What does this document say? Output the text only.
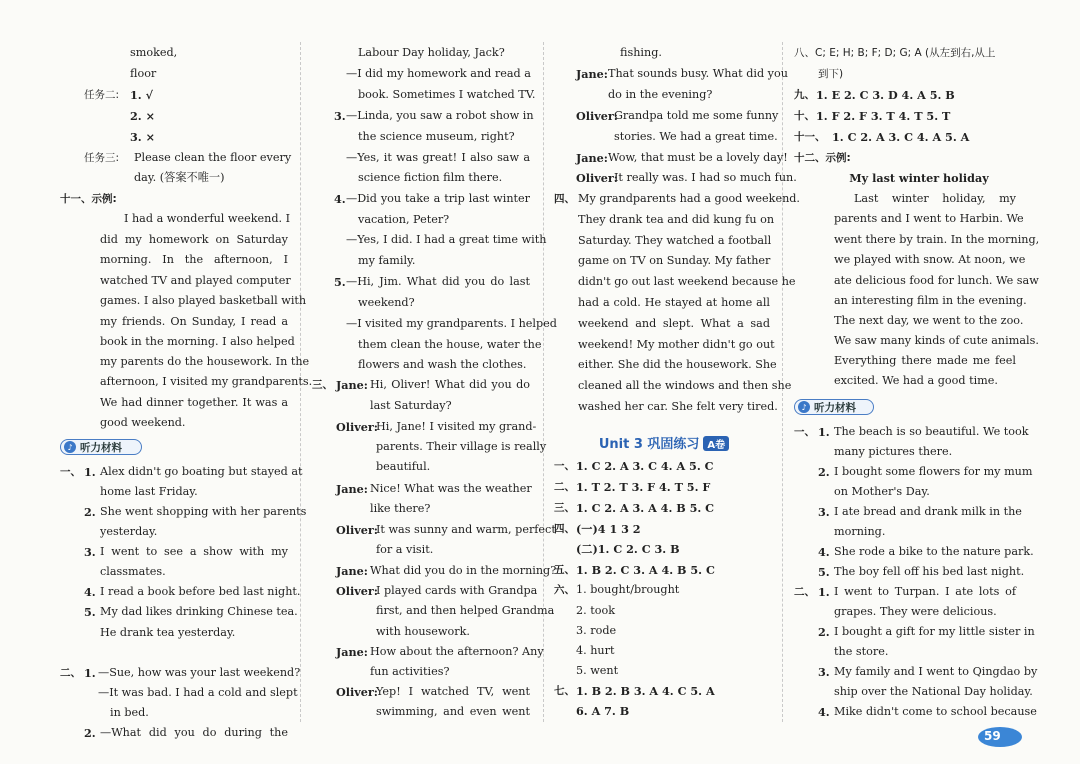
smoked,
floor
任务二: 1. √
2. ×
3. ×
任务三:	Please clean the floor every
day. (答案不唯一)
十一、示例:
I had a wonderful weekend. I
did my homework on Saturday
morning. In the afternoon, I
watched TV and played computer
games. I also played basketball with
my friends. On Sunday, I read a
book in the morning. I also helped
my parents do the housework. In the
afternoon, I visited my grandparents.
We had dinner together. It was a
good weekend.
♪ 听力材料
一、 1. Alex didn't go boating but stayed at
home last Friday.
2. She went shopping with her parents
yesterday.
3. I went to see a show with my
classmates.
4. I read a book before bed last night.
5. My dad likes drinking Chinese tea.
He drank tea yesterday.
二、 1. —Sue, how was your last weekend?
—It was bad. I had a cold and slept
in bed.
2. —What did you do during the
Labour Day holiday, Jack?
—I did my homework and read a
book. Sometimes I watched TV.
3. —Linda, you saw a robot show in
the science museum, right?
—Yes, it was great! I also saw a
science fiction film there.
4. —Did you take a trip last winter
vacation, Peter?
—Yes, I did. I had a great time with
my family.
5. —Hi, Jim. What did you do last
weekend?
—I visited my grandparents. I helped
them clean the house, water the
flowers and wash the clothes.
三、 Jane: Hi, Oliver! What did you do
last Saturday?
Oliver:
Hi, Jane! I visited my grand-
parents. Their village is really
beautiful.
Jane: Nice! What was the weather
like there?
Oliver:
It was sunny and warm, perfect
for a visit.
Jane: What did you do in the morning?
Oliver:
I played cards with Grandpa
first, and then helped Grandma
with housework.
Jane: How about the afternoon? Any
fun activities?
Oliver:
Yep! I watched TV, went
swimming, and even went
fishing.
Jane: That sounds busy. What did you
do in the evening?
Oliver:
Grandpa told me some funny
stories. We had a great time.
Jane: Wow, that must be a lovely day!
Oliver:
It really was. I had so much fun.
四、 My grandparents had a good weekend.
They drank tea and did kung fu on
Saturday. They watched a football
game on TV on Sunday. My father
didn't go out last weekend because he
had a cold. He stayed at home all
weekend and slept. What a sad
weekend! My mother didn't go out
either. She did the housework. She
cleaned all the windows and then she
washed her car. She felt very tired.
Unit 3 巩固练习 A卷
一、 1. C 2. A 3. C 4. A 5. C
二、 1. T 2. T 3. F 4. T 5. F
三、 1. C 2. A 3. A 4. B 5. C
四、 (一)4 1 3 2
(二)1. C 2. C 3. B
五、 1. B 2. C 3. A 4. B 5. C
六、 1. bought/brought
2. took
3. rode
4. hurt
5. went
七、 1. B 2. B 3. A 4. C 5. A
6. A 7. B
八、C; E; H; B; F; D; G; A (从左到右,从上
到下)
九、 1. E 2. C 3. D 4. A 5. B
十、 1. F 2. F 3. T 4. T 5. T
十一、 1. C 2. A 3. C 4. A 5. A
十二、示例:
My last winter holiday
Last winter holiday, my
parents and I went to Harbin. We
went there by train. In the morning,
we played with snow. At noon, we
ate delicious food for lunch. We saw
an interesting film in the evening.
The next day, we went to the zoo.
We saw many kinds of cute animals.
Everything there made me feel
excited. We had a good time.
♪ 听力材料
一、 1. The beach is so beautiful. We took
many pictures there.
2. I bought some flowers for my mum
on Mother's Day.
3. I ate bread and drank milk in the
morning.
4. She rode a bike to the nature park.
5. The boy fell off his bed last night.
二、 1. I went to Turpan. I ate lots of
grapes. They were delicious.
2. I bought a gift for my little sister in
the store.
3. My family and I went to Qingdao by
ship over the National Day holiday.
4. Mike didn't come to school because
59
